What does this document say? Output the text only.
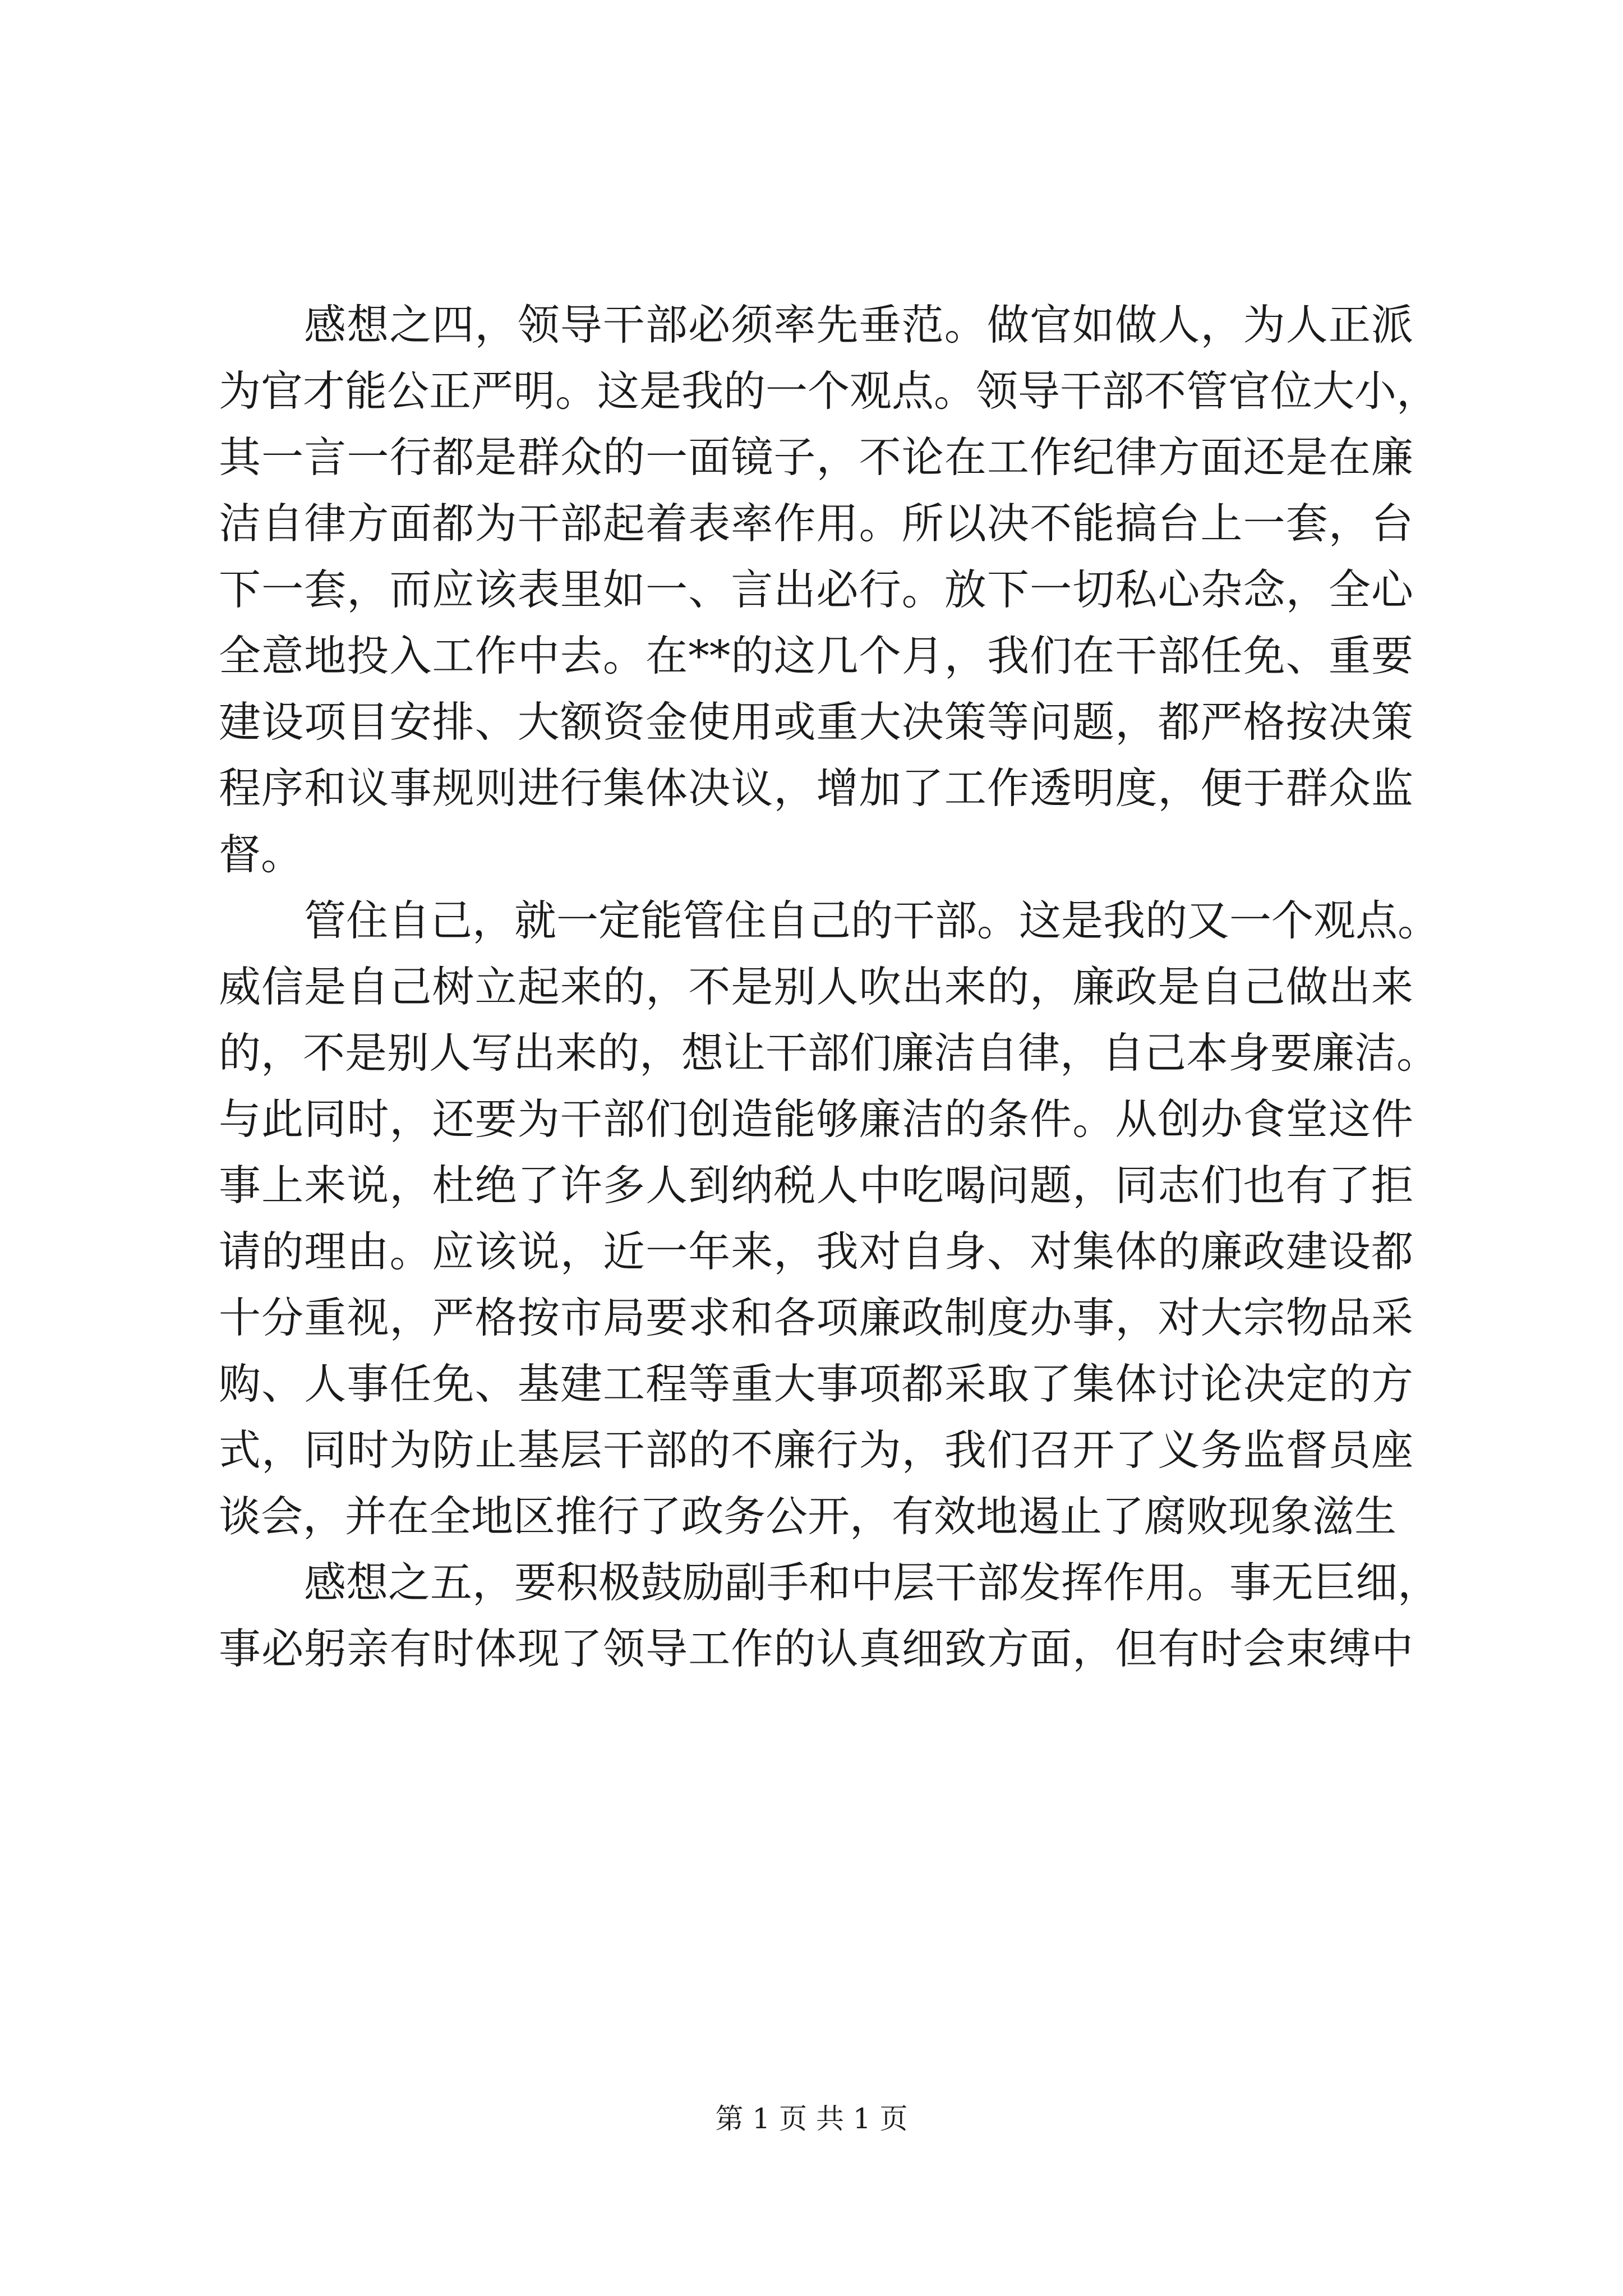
感想之四，领导干部必须率先垂范。做官如做人，为人正派
为官才能公正严明。这是我的一个观点。领导干部不管官位大小，
其一言一行都是群众的一面镜子，不论在工作纪律方面还是在廉
洁自律方面都为干部起着表率作用。所以决不能搞台上一套，台
下一套，而应该表里如一、言出必行。放下一切私心杂念，全心
全意地投入工作中去。在**的这几个月，我们在干部任免、重要
建设项目安排、大额资金使用或重大决策等问题，都严格按决策
程序和议事规则进行集体决议，增加了工作透明度，便于群众监
督。
管住自己，就一定能管住自己的干部。这是我的又一个观点。
威信是自己树立起来的，不是别人吹出来的，廉政是自己做出来
的，不是别人写出来的，想让干部们廉洁自律，自己本身要廉洁。
与此同时，还要为干部们创造能够廉洁的条件。从创办食堂这件
事上来说，杜绝了许多人到纳税人中吃喝问题，同志们也有了拒
请的理由。应该说，近一年来，我对自身、对集体的廉政建设都
十分重视，严格按市局要求和各项廉政制度办事，对大宗物品采
购、人事任免、基建工程等重大事项都采取了集体讨论决定的方
式，同时为防止基层干部的不廉行为，我们召开了义务监督员座
谈会，并在全地区推行了政务公开，有效地遏止了腐败现象滋生
感想之五，要积极鼓励副手和中层干部发挥作用。事无巨细，
事必躬亲有时体现了领导工作的认真细致方面，但有时会束缚中
第 1 页 共 1 页
